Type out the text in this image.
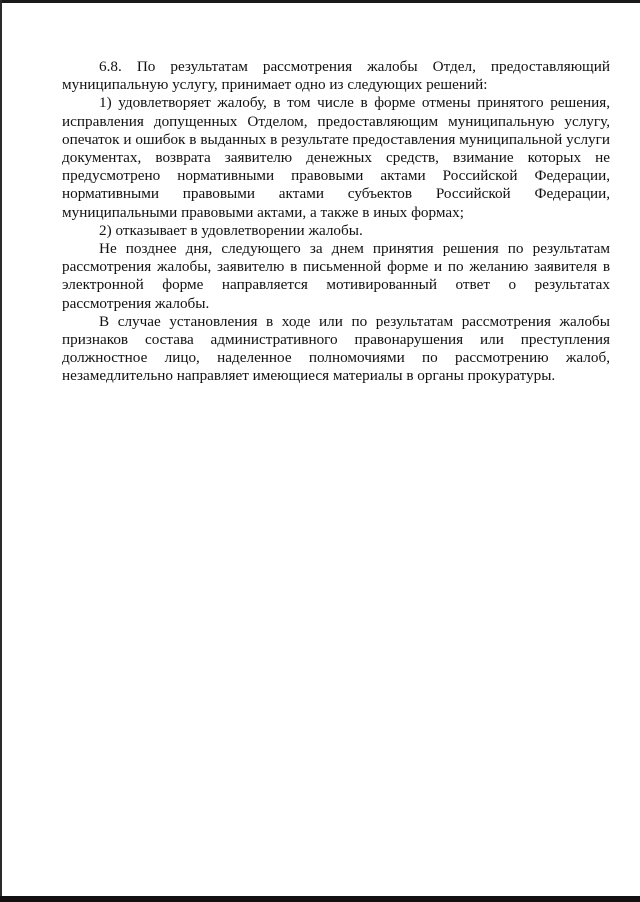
6.8. По результатам рассмотрения жалобы Отдел, предоставляющий муниципальную услугу, принимает одно из следующих решений:

1) удовлетворяет жалобу, в том числе в форме отмены принятого решения, исправления допущенных Отделом, предоставляющим муниципальную услугу, опечаток и ошибок в выданных в результате предоставления муниципальной услуги документах, возврата заявителю денежных средств, взимание которых не предусмотрено нормативными правовыми актами Российской Федерации, нормативными правовыми актами субъектов Российской Федерации, муниципальными правовыми актами, а также в иных формах;

2) отказывает в удовлетворении жалобы.

Не позднее дня, следующего за днем принятия решения по результатам рассмотрения жалобы, заявителю в письменной форме и по желанию заявителя в электронной форме направляется мотивированный ответ о результатах рассмотрения жалобы.

В случае установления в ходе или по результатам рассмотрения жалобы признаков состава административного правонарушения или преступления должностное лицо, наделенное полномочиями по рассмотрению жалоб, незамедлительно направляет имеющиеся материалы в органы прокуратуры.
